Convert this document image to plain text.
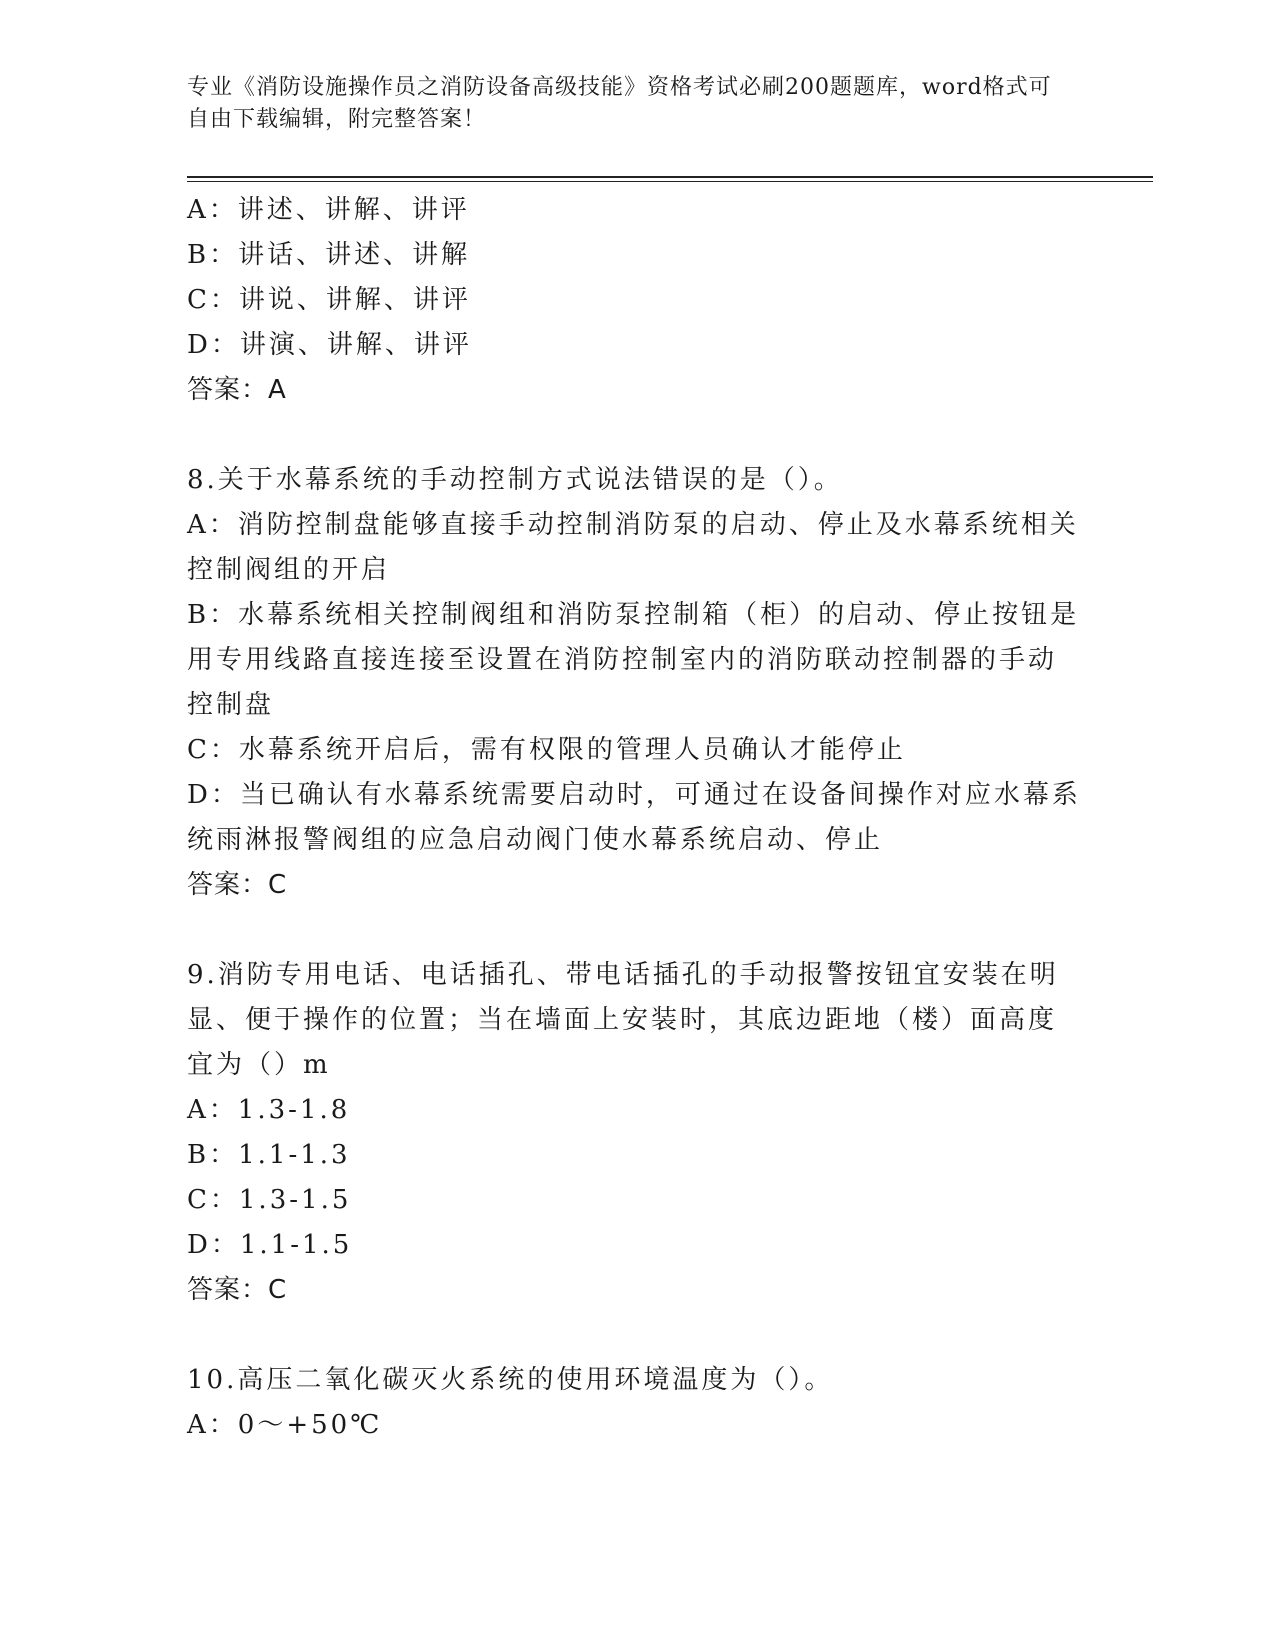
专业《消防设施操作员之消防设备高级技能》资格考试必刷200题题库，word格式可自由下载编辑，附完整答案！
A：讲述、讲解、讲评
B：讲话、讲述、讲解
C：讲说、讲解、讲评
D：讲演、讲解、讲评
答案：A
8.关于水幕系统的手动控制方式说法错误的是（）。
A：消防控制盘能够直接手动控制消防泵的启动、停止及水幕系统相关
控制阀组的开启
B：水幕系统相关控制阀组和消防泵控制箱（柜）的启动、停止按钮是
用专用线路直接连接至设置在消防控制室内的消防联动控制器的手动
控制盘
C：水幕系统开启后，需有权限的管理人员确认才能停止
D：当已确认有水幕系统需要启动时，可通过在设备间操作对应水幕系
统雨淋报警阀组的应急启动阀门使水幕系统启动、停止
答案：C
9.消防专用电话、电话插孔、带电话插孔的手动报警按钮宜安装在明
显、便于操作的位置；当在墙面上安装时，其底边距地（楼）面高度
宜为（）m
A：1.3-1.8
B：1.1-1.3
C：1.3-1.5
D：1.1-1.5
答案：C
10.高压二氧化碳灭火系统的使用环境温度为（）。
A：0～+50℃
